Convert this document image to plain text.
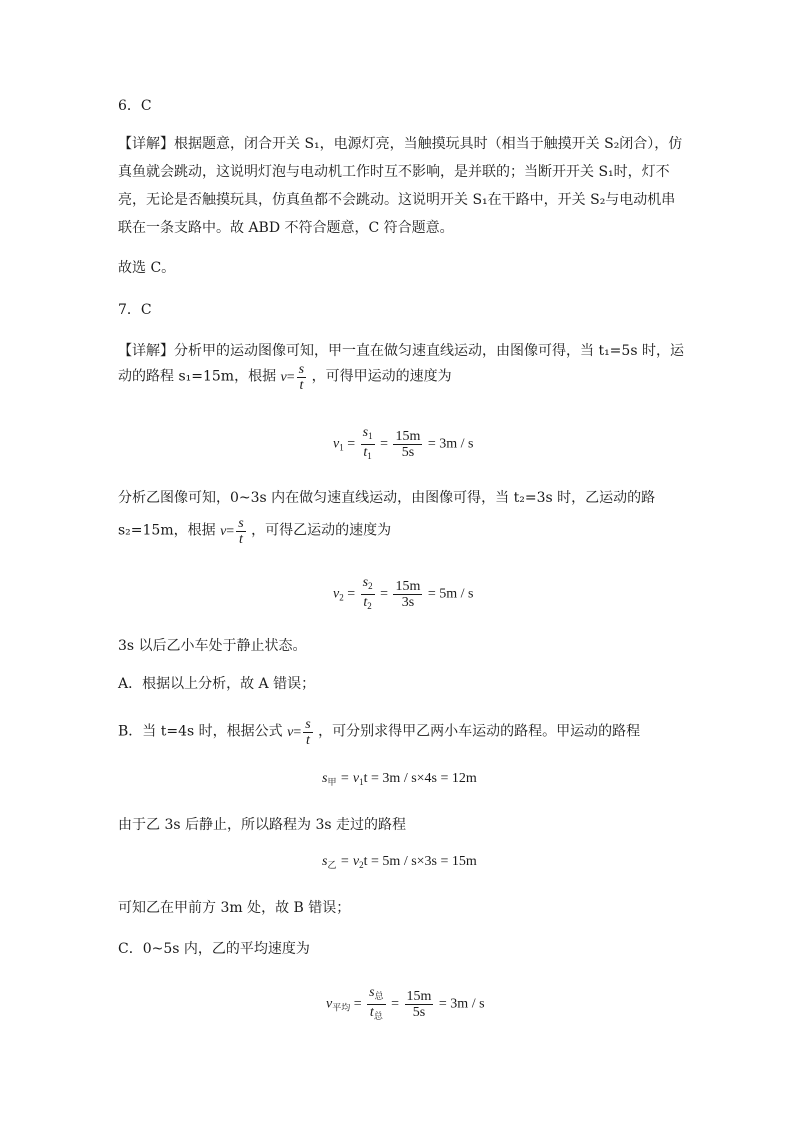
6．C
【详解】根据题意，闭合开关 S₁，电源灯亮，当触摸玩具时（相当于触摸开关 S₂闭合），仿
真鱼就会跳动，这说明灯泡与电动机工作时互不影响，是并联的；当断开开关 S₁时，灯不
亮，无论是否触摸玩具，仿真鱼都不会跳动。这说明开关 S₁在干路中，开关 S₂与电动机串
联在一条支路中。故 ABD 不符合题意，C 符合题意。
故选 C。
7．C
【详解】分析甲的运动图像可知，甲一直在做匀速直线运动，由图像可得，当 t₁=5s 时，运
动的路程 s₁=15m，根据 $v= \frac{s}{t}$ ，可得甲运动的速度为
$v_1 = \frac{s_1}{t_1} = \frac{15m}{5s} = 3m / s$
分析乙图像可知，0~3s 内在做匀速直线运动，由图像可得，当 t₂=3s 时，乙运动的路
s₂=15m，根据 $v= \frac{s}{t}$ ，可得乙运动的速度为
$v_2 = \frac{s_2}{t_2} = \frac{15m}{3s} = 5m / s$
3s 以后乙小车处于静止状态。
A．根据以上分析，故 A 错误；
B．当 t=4s 时，根据公式 $v= \frac{s}{t}$ ，可分别求得甲乙两小车运动的路程。甲运动的路程
$s_甲 = v_1t = 3m / s\times 4s = 12m$
由于乙 3s 后静止，所以路程为 3s 走过的路程
$s_乙 = v_2t = 5m / s\times 3s = 15m$
可知乙在甲前方 3m 处，故 B 错误；
C．0~5s 内，乙的平均速度为
$v_{平均} = \frac{s_总}{t_总} = \frac{15m}{5s} = 3m / s$
